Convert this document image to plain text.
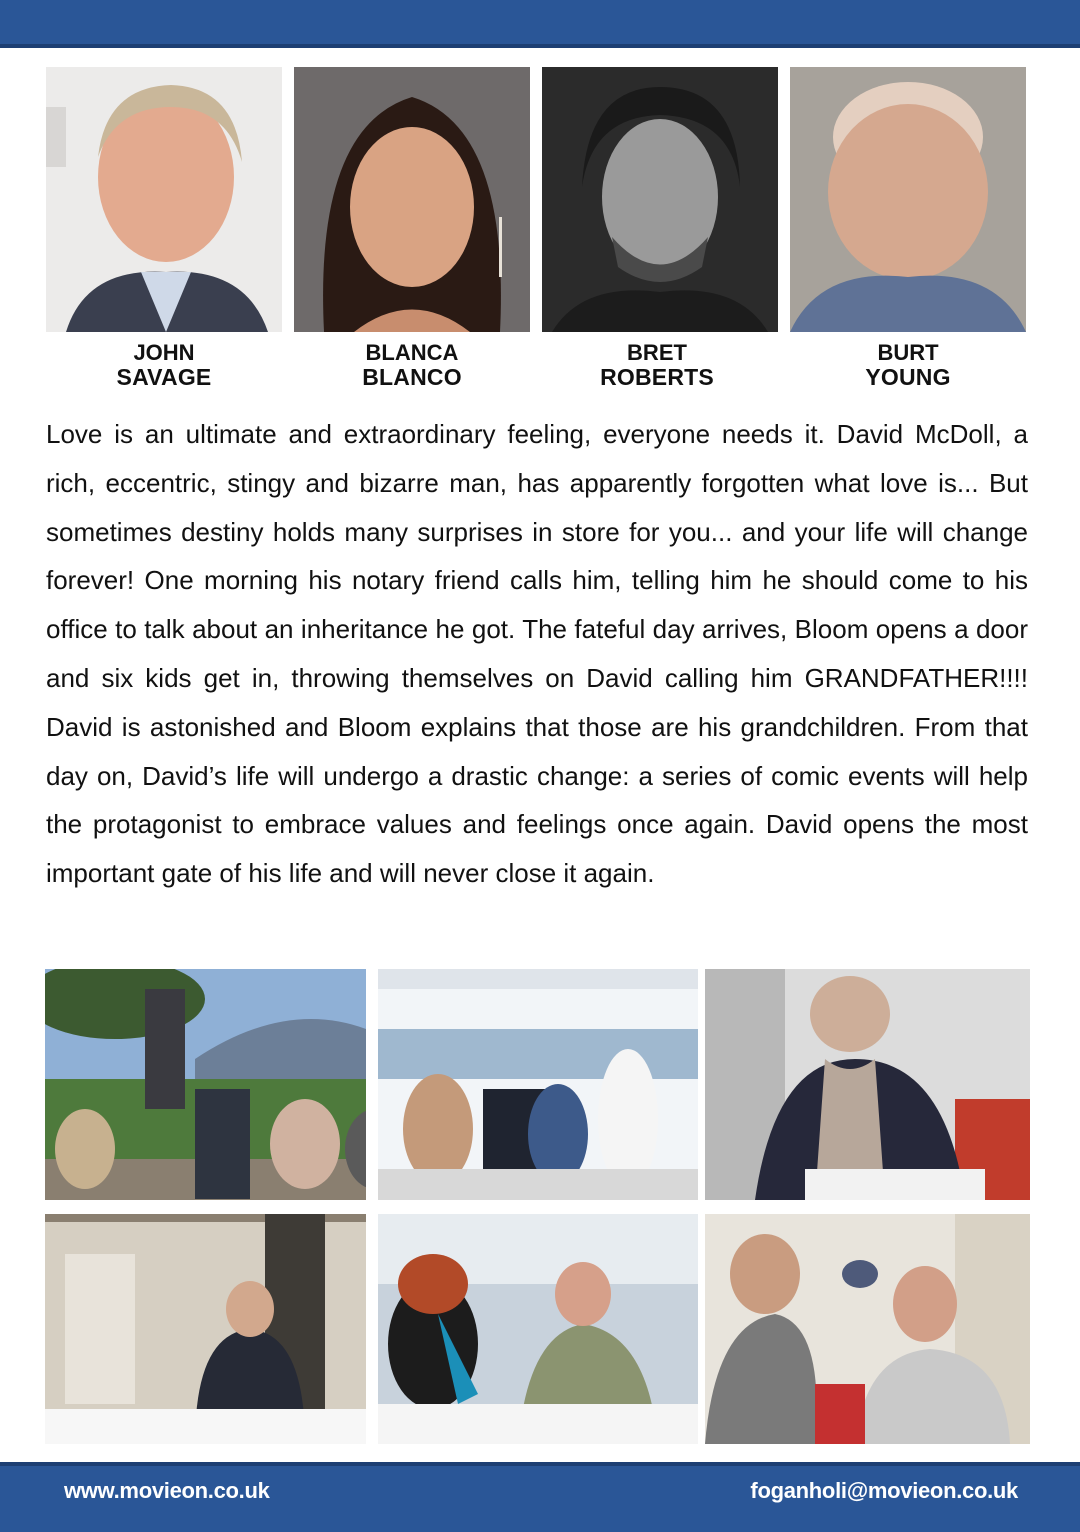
JOHN
SAVAGE
BLANCA
BLANCO
BRET
ROBERTS
BURT
YOUNG

Love is an ultimate and extraordinary feeling, everyone needs it. David McDoll, a rich, eccentric, stingy and bizarre man, has apparently forgotten what love is... But sometimes destiny holds many surprises in store for you... and your life will change forever! One morning his notary friend calls him, telling him he should come to his office to talk about an inheritance he got. The fateful day arrives, Bloom opens a door and six kids get in, throwing themselves on David calling him GRANDFATHER!!!! David is astonished and Bloom explains that those are his grandchildren. From that day on, David’s life will undergo a drastic change: a series of comic events will help the protagonist to embrace values and feelings once again. David opens the most important gate of his life and will never close it again.

www.movieon.co.uk	foganholi@movieon.co.uk
